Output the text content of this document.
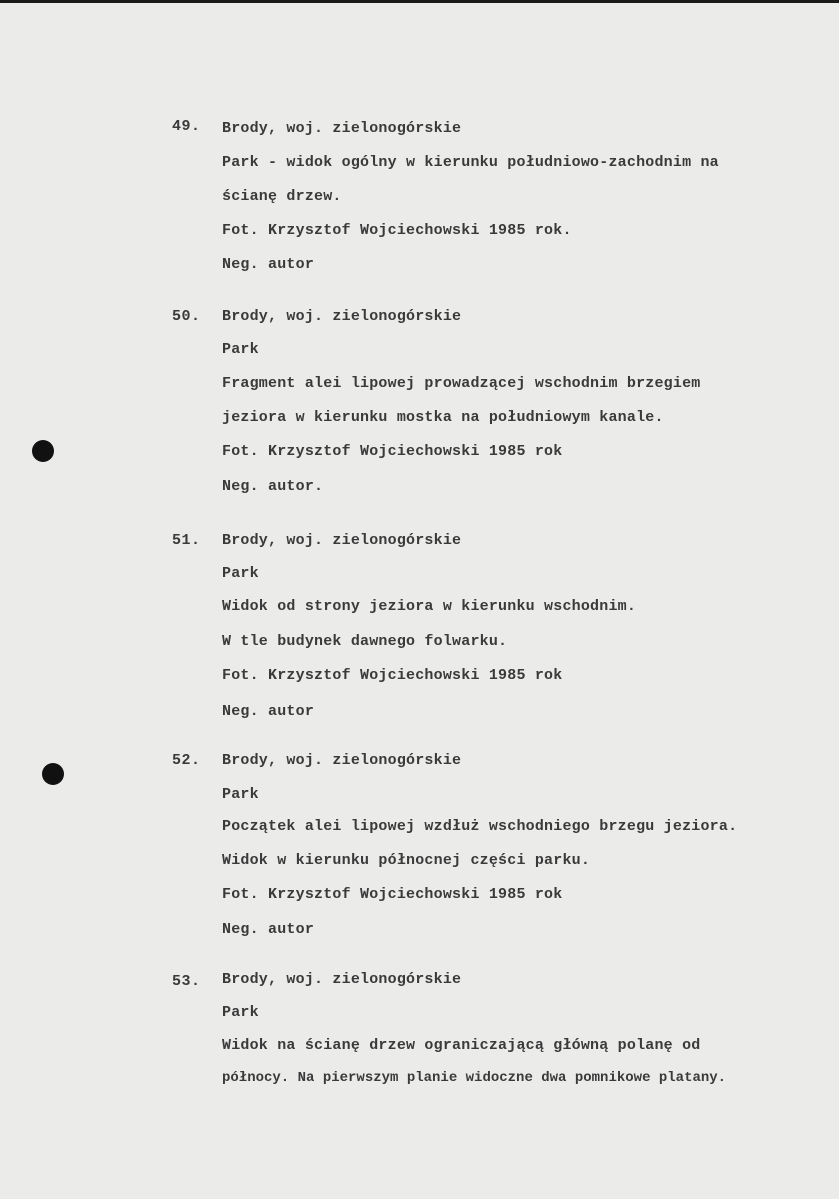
49. Brody, woj. zielonogórskie
Park - widok ogólny w kierunku południowo-zachodnim na
ścianę drzew.
Fot. Krzysztof Wojciechowski 1985 rok.
Neg. autor
50. Brody, woj. zielonogórskie
Park
Fragment alei lipowej prowadzącej wschodnim brzegiem
jeziora w kierunku mostka na południowym kanale.
Fot. Krzysztof Wojciechowski 1985 rok
Neg. autor.
51. Brody, woj. zielonogórskie
Park
Widok od strony jeziora w kierunku wschodnim.
W tle budynek dawnego folwarku.
Fot. Krzysztof Wojciechowski 1985 rok
Neg. autor
52. Brody, woj. zielonogórskie
Park
Początek alei lipowej wzdłuż wschodniego brzegu jeziora.
Widok w kierunku północnej części parku.
Fot. Krzysztof Wojciechowski 1985 rok
Neg. autor
53. Brody, woj. zielonogórskie
Park
Widok na ścianę drzew ograniczającą główną polanę od
północy. Na pierwszym planie widoczne dwa pomnikowe platany.
